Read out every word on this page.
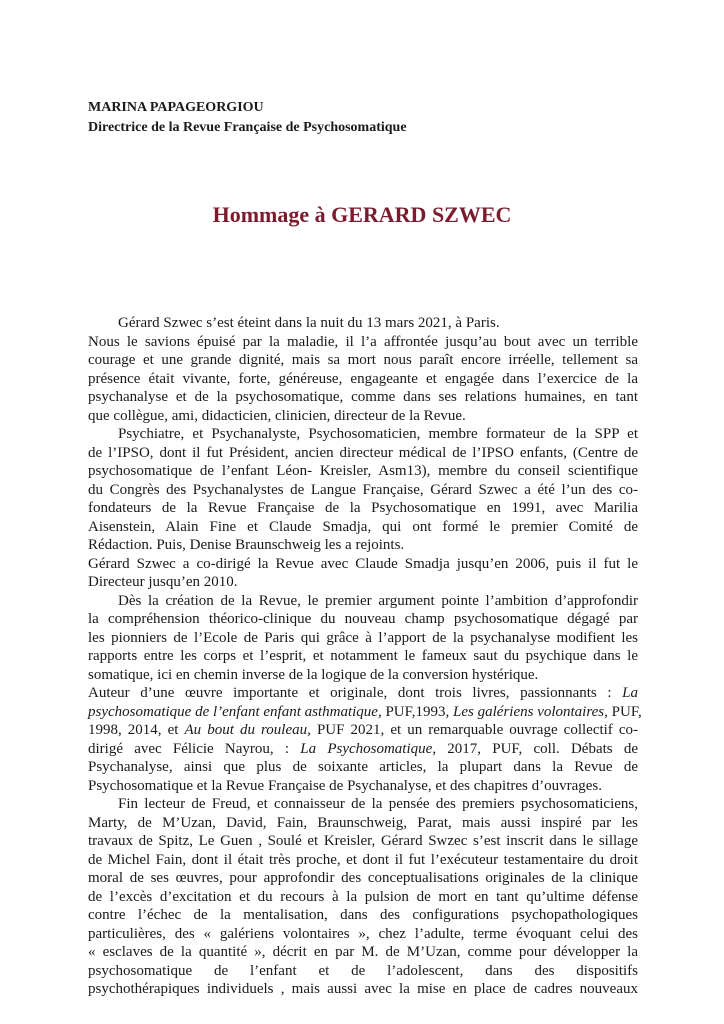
MARINA PAPAGEORGIOU
Directrice de la Revue Française de Psychosomatique
Hommage à GERARD SZWEC
Gérard Szwec s’est éteint dans la nuit du 13 mars 2021, à Paris.
Nous le savions épuisé par la maladie, il l’a affrontée jusqu’au bout avec un terrible
courage et une grande dignité, mais sa mort nous paraît encore irréelle, tellement sa
présence était vivante, forte, généreuse, engageante et engagée dans l’exercice de la
psychanalyse et de la psychosomatique, comme dans ses relations humaines, en tant
que collègue, ami, didacticien, clinicien, directeur de la Revue.
Psychiatre, et Psychanalyste, Psychosomaticien, membre formateur de la SPP et
de l’IPSO, dont il fut Président, ancien directeur médical de l’IPSO enfants, (Centre de
psychosomatique de l’enfant Léon- Kreisler, Asm13), membre du conseil scientifique
du Congrès des Psychanalystes de Langue Française, Gérard Szwec a été l’un des co-
fondateurs de la Revue Française de la Psychosomatique en 1991, avec Marilia
Aisenstein, Alain Fine et Claude Smadja, qui ont formé le premier Comité de
Rédaction. Puis, Denise Braunschweig les a rejoints.
Gérard Szwec a co-dirigé la Revue avec Claude Smadja jusqu’en 2006, puis il fut le
Directeur jusqu’en 2010.
Dès la création de la Revue, le premier argument pointe l’ambition d’approfondir
la compréhension théorico-clinique du nouveau champ psychosomatique dégagé par
les pionniers de l’Ecole de Paris qui grâce à l’apport de la psychanalyse modifient les
rapports entre les corps et l’esprit, et notamment le fameux saut du psychique dans le
somatique, ici en chemin inverse de la logique de la conversion hystérique.
Auteur d’une œuvre importante et originale, dont trois livres, passionnants : La
psychosomatique de l’enfant enfant asthmatique, PUF,1993, Les galériens volontaires, PUF,
1998, 2014, et Au bout du rouleau, PUF 2021, et un remarquable ouvrage collectif co-
dirigé avec Félicie Nayrou, : La Psychosomatique, 2017, PUF, coll. Débats de
Psychanalyse, ainsi que plus de soixante articles, la plupart dans la Revue de
Psychosomatique et la Revue Française de Psychanalyse, et des chapitres d’ouvrages.
Fin lecteur de Freud, et connaisseur de la pensée des premiers psychosomaticiens,
Marty, de M’Uzan, David, Fain, Braunschweig, Parat, mais aussi inspiré par les
travaux de Spitz, Le Guen , Soulé et Kreisler, Gérard Swzec s’est inscrit dans le sillage
de Michel Fain, dont il était très proche, et dont il fut l’exécuteur testamentaire du droit
moral de ses œuvres, pour approfondir des conceptualisations originales de la clinique
de l’excès d’excitation et du recours à la pulsion de mort en tant qu’ultime défense
contre l’échec de la mentalisation, dans des configurations psychopathologiques
particulières, des « galériens volontaires », chez l’adulte, terme évoquant celui des
« esclaves de la quantité », décrit en par M. de M’Uzan, comme pour développer la
psychosomatique de l’enfant et de l’adolescent, dans des dispositifs
psychothérapiques individuels , mais aussi avec la mise en place de cadres nouveaux
